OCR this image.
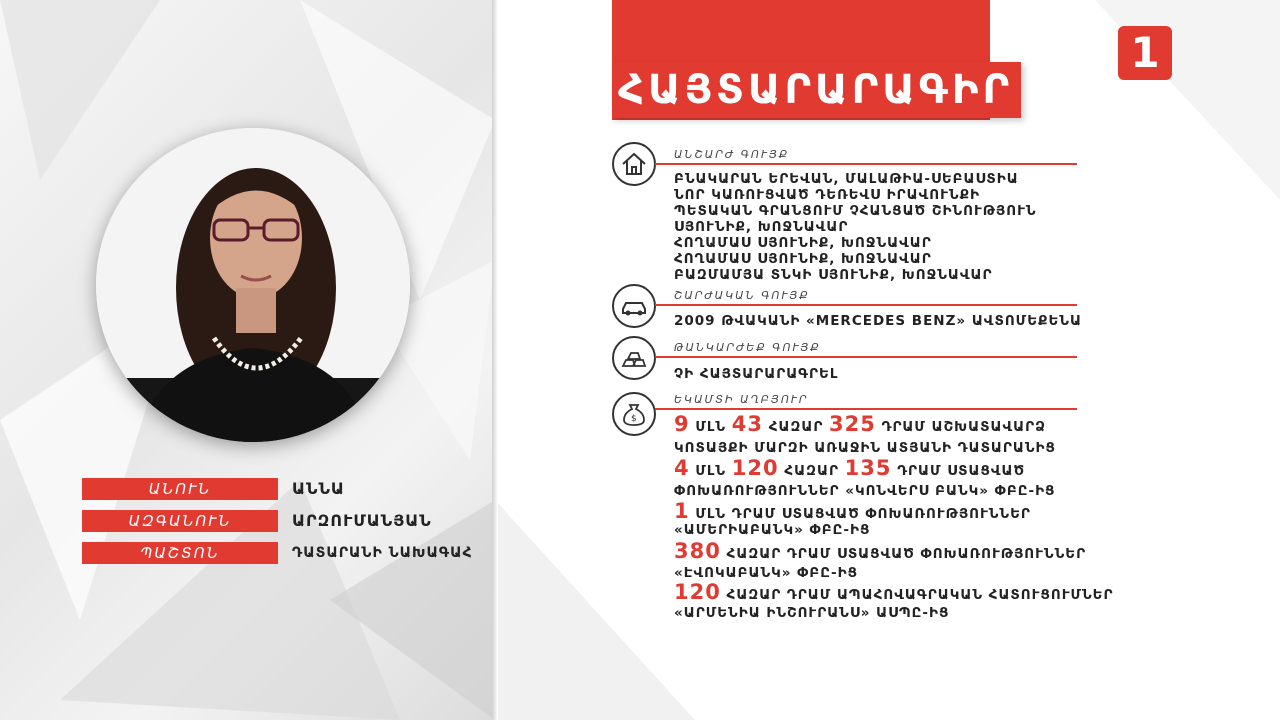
ԱՆՈՒՆ	ԱՆՆԱ
ԱԶԳԱՆՈՒՆ	ԱՐԶՈՒՄԱՆՅԱՆ
ՊԱՇՏՈՆ	ԴԱՏԱՐԱՆԻ ՆԱԽԱԳԱՀ
ՀԱՅՏԱՐԱՐԱԳԻՐ
1
ԱՆՇԱՐԺ ԳՈՒՅՔ
ԲՆԱԿԱՐԱՆ ԵՐԵՎԱՆ, ՄԱԼԱԹԻԱ-ՍԵԲԱՍՏԻԱ
ՆՈՐ ԿԱՌՈՒՑՎԱԾ ԴԵՌԵՎՍ ԻՐԱՎՈՒՆՔԻ
ՊԵՏԱԿԱՆ ԳՐԱՆՑՈՒՄ ՉՀԱՆՑԱԾ ՇԻՆՈՒԹՅՈՒՆ
ՍՅՈՒՆԻՔ, ԽՈՋՆԱՎԱՐ
ՀՈՂԱՄԱՍ ՍՅՈՒՆԻՔ, ԽՈՋՆԱՎԱՐ
ՀՈՂԱՄԱՍ ՍՅՈՒՆԻՔ, ԽՈՋՆԱՎԱՐ
ԲԱԶՄԱՄՅԱ ՏՆԿԻ ՍՅՈՒՆԻՔ, ԽՈՋՆԱՎԱՐ
ՇԱՐԺԱԿԱՆ ԳՈՒՅՔ
2009 ԹՎԱԿԱՆԻ «MERCEDES BENZ» ԱՎՏՈՄԵՔԵՆԱ
ԹԱՆԿԱՐԺԵՔ ԳՈՒՅՔ
ՉԻ ՀԱՅՏԱՐԱՐԱԳՐԵԼ
$
ԵԿԱՄՏԻ ԱՂԲՅՈՒՐ
9 ՄԼՆ 43 ՀԱԶԱՐ 325 ԴՐԱՄ ԱՇԽԱՏԱՎԱՐՁ
ԿՈՏԱՅՔԻ ՄԱՐԶԻ ԱՌԱՋԻՆ ԱՏՅԱՆԻ ԴԱՏԱՐԱՆԻՑ
4 ՄԼՆ 120 ՀԱԶԱՐ 135 ԴՐԱՄ ՍՏԱՑՎԱԾ
ՓՈԽԱՌՈՒԹՅՈՒՆՆԵՐ «ԿՈՆՎԵՐՍ ԲԱՆԿ» ՓԲԸ-ԻՑ
1 ՄԼՆ ԴՐԱՄ ՍՏԱՑՎԱԾ ՓՈԽԱՌՈՒԹՅՈՒՆՆԵՐ
«ԱՄԵՐԻԱԲԱՆԿ» ՓԲԸ-ԻՑ
380 ՀԱԶԱՐ ԴՐԱՄ ՍՏԱՑՎԱԾ ՓՈԽԱՌՈՒԹՅՈՒՆՆԵՐ
«ԷՎՈԿԱԲԱՆԿ» ՓԲԸ-ԻՑ
120 ՀԱԶԱՐ ԴՐԱՄ ԱՊԱՀՈՎԱԳՐԱԿԱՆ ՀԱՏՈՒՑՈՒՄՆԵՐ
«ԱՐՄԵՆԻԱ ԻՆՇՈՒՐԱՆՍ» ԱՍՊԸ-ԻՑ
